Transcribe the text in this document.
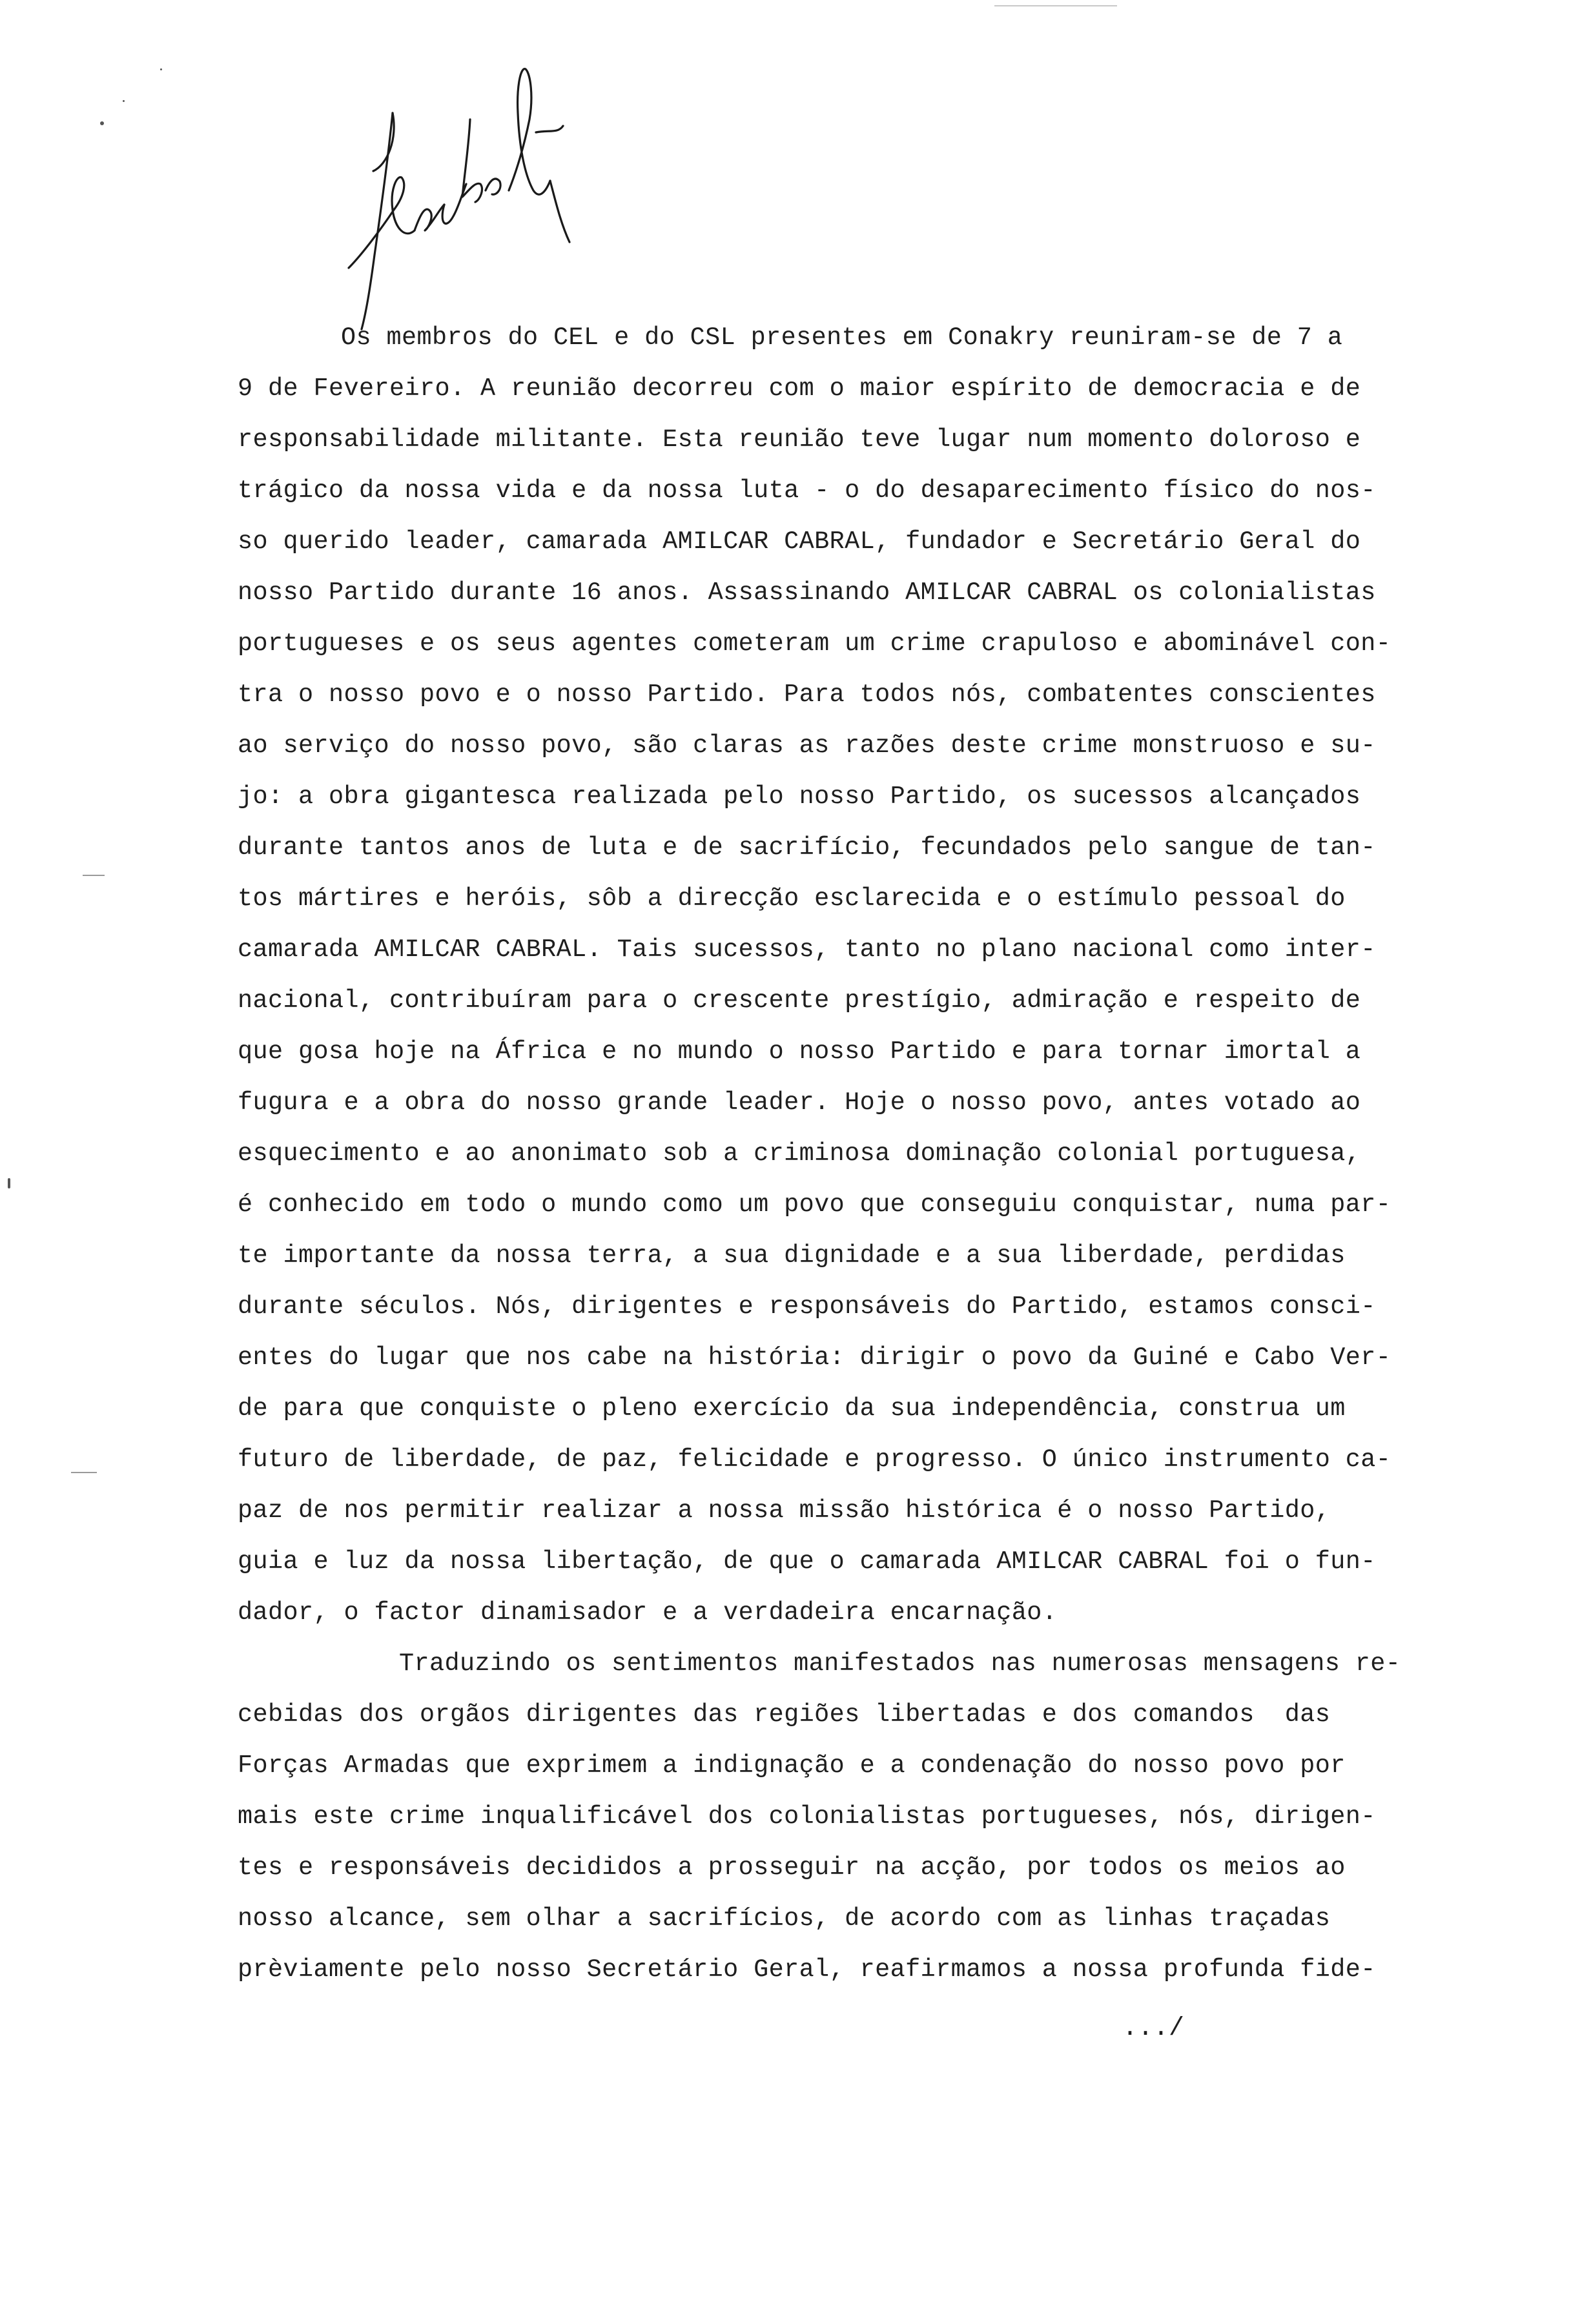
Os membros do CEL e do CSL presentes em Conakry reuniram-se de 7 a
9 de Fevereiro. A reunião decorreu com o maior espírito de democracia e de
responsabilidade militante. Esta reunião teve lugar num momento doloroso e
trágico da nossa vida e da nossa luta - o do desaparecimento físico do nos-
so querido leader, camarada AMILCAR CABRAL, fundador e Secretário Geral do
nosso Partido durante 16 anos. Assassinando AMILCAR CABRAL os colonialistas
portugueses e os seus agentes cometeram um crime crapuloso e abominável con-
tra o nosso povo e o nosso Partido. Para todos nós, combatentes conscientes
ao serviço do nosso povo, são claras as razões deste crime monstruoso e su-
jo: a obra gigantesca realizada pelo nosso Partido, os sucessos alcançados
durante tantos anos de luta e de sacrifício, fecundados pelo sangue de tan-
tos mártires e heróis, sôb a direcção esclarecida e o estímulo pessoal do
camarada AMILCAR CABRAL. Tais sucessos, tanto no plano nacional como inter-
nacional, contribuíram para o crescente prestígio, admiração e respeito de
que gosa hoje na África e no mundo o nosso Partido e para tornar imortal a
fugura e a obra do nosso grande leader. Hoje o nosso povo, antes votado ao
esquecimento e ao anonimato sob a criminosa dominação colonial portuguesa,
é conhecido em todo o mundo como um povo que conseguiu conquistar, numa par-
te importante da nossa terra, a sua dignidade e a sua liberdade, perdidas
durante séculos. Nós, dirigentes e responsáveis do Partido, estamos consci-
entes do lugar que nos cabe na história: dirigir o povo da Guiné e Cabo Ver-
de para que conquiste o pleno exercício da sua independência, construa um
futuro de liberdade, de paz, felicidade e progresso. O único instrumento ca-
paz de nos permitir realizar a nossa missão histórica é o nosso Partido,
guia e luz da nossa libertação, de que o camarada AMILCAR CABRAL foi o fun-
dador, o factor dinamisador e a verdadeira encarnação.
Traduzindo os sentimentos manifestados nas numerosas mensagens re-
cebidas dos orgãos dirigentes das regiões libertadas e dos comandos  das
Forças Armadas que exprimem a indignação e a condenação do nosso povo por
mais este crime inqualificável dos colonialistas portugueses, nós, dirigen-
tes e responsáveis decididos a prosseguir na acção, por todos os meios ao
nosso alcance, sem olhar a sacrifícios, de acordo com as linhas traçadas
prèviamente pelo nosso Secretário Geral, reafirmamos a nossa profunda fide-
.../
